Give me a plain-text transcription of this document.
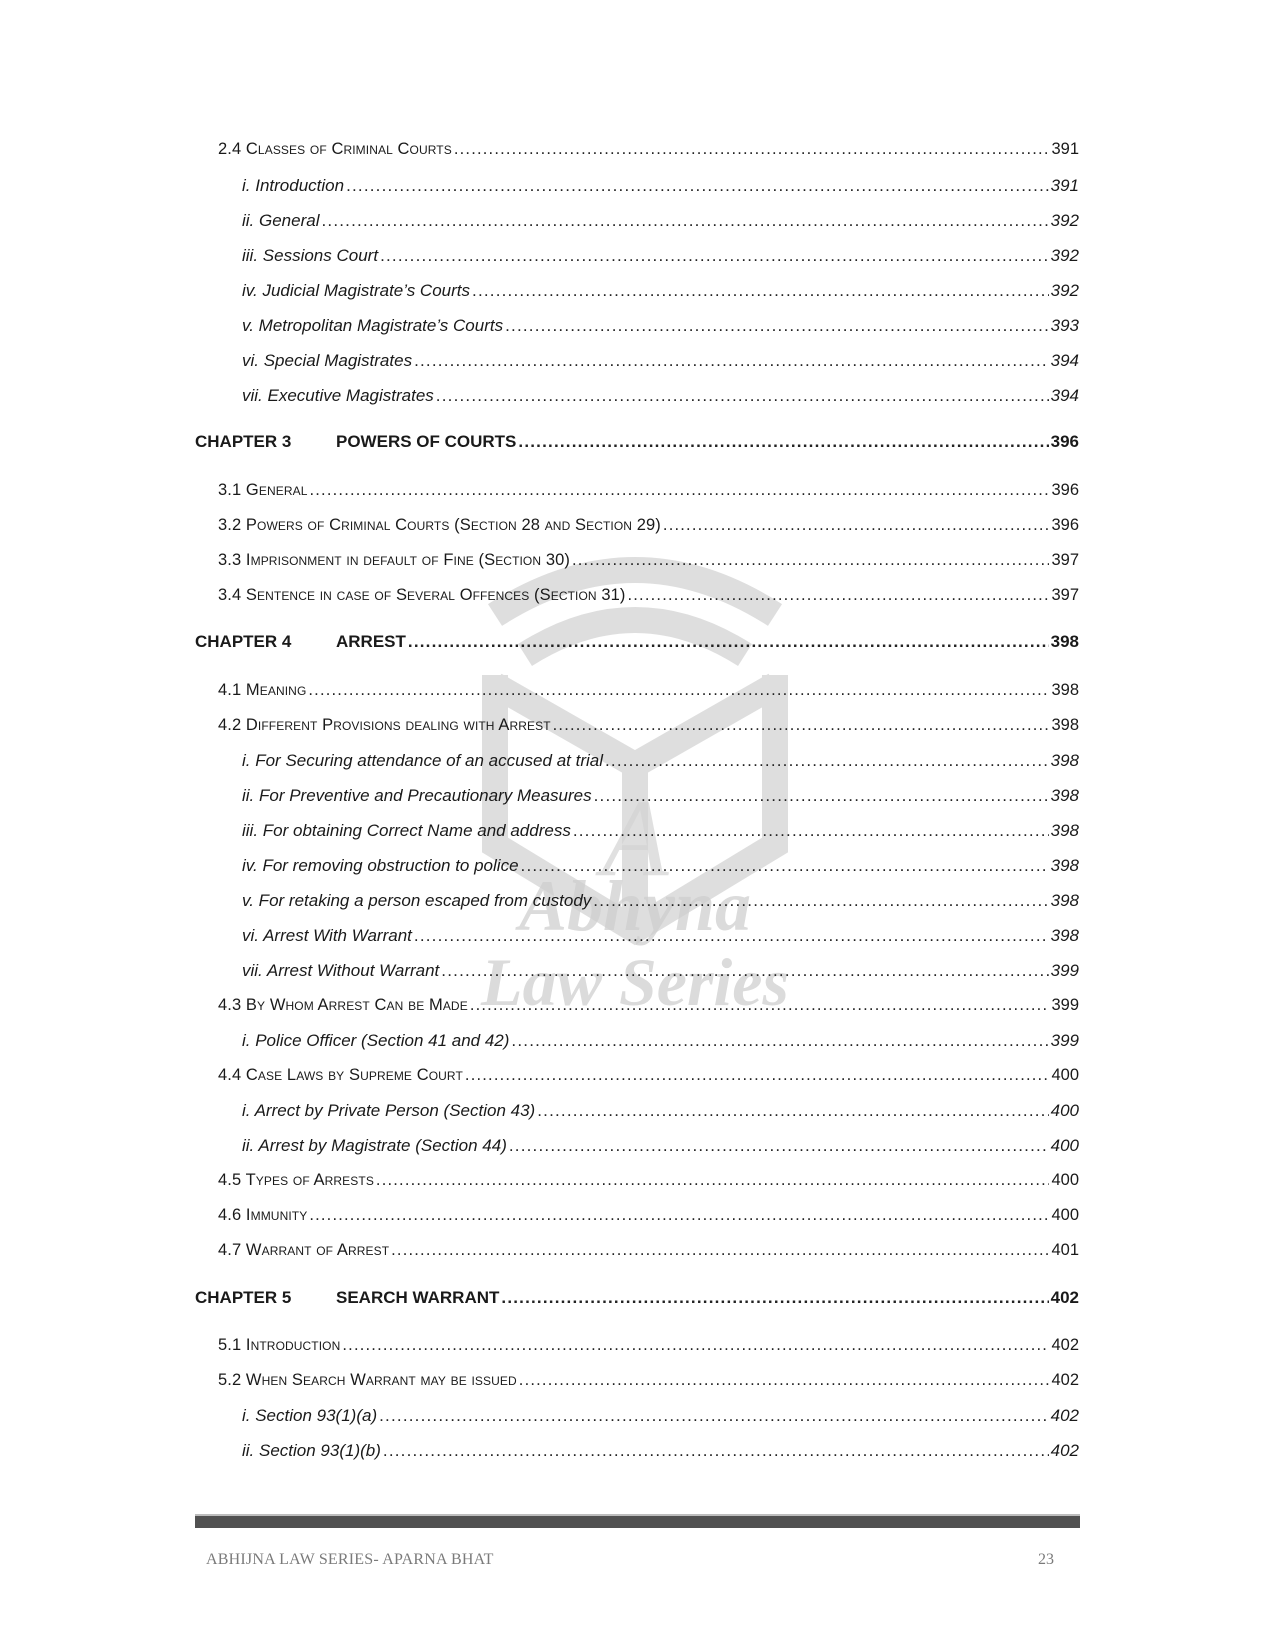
A
Abhyna
Law Series
2.4 Classes of Criminal Courts .....	391
i. Introduction .....	391
ii. General .....	392
iii. Sessions Court .....	392
iv. Judicial Magistrate’s Courts .....	392
v. Metropolitan Magistrate’s Courts .....	393
vi. Special Magistrates .....	394
vii. Executive Magistrates .....	394
CHAPTER 3	POWERS OF COURTS .....	396
3.1 General .....	396
3.2 Powers of Criminal Courts (Section 28 and Section 29) .....	396
3.3 Imprisonment in default of Fine (Section 30) .....	397
3.4 Sentence in case of Several Offences (Section 31) .....	397
CHAPTER 4	ARREST .....	398
4.1 Meaning .....	398
4.2 Different Provisions dealing with Arrest .....	398
i. For Securing attendance of an accused at trial .....	398
ii. For Preventive and Precautionary Measures .....	398
iii. For obtaining Correct Name and address .....	398
iv. For removing obstruction to police .....	398
v. For retaking a person escaped from custody .....	398
vi. Arrest With Warrant .....	398
vii. Arrest Without Warrant .....	399
4.3 By Whom Arrest Can be Made .....	399
i. Police Officer (Section 41 and 42) .....	399
4.4 Case Laws by Supreme Court .....	400
i. Arrect by Private Person (Section 43) .....	400
ii. Arrest by Magistrate (Section 44) .....	400
4.5 Types of Arrests .....	400
4.6 Immunity .....	400
4.7 Warrant of Arrest .....	401
CHAPTER 5	SEARCH WARRANT .....	402
5.1 Introduction .....	402
5.2 When Search Warrant may be issued .....	402
i. Section 93(1)(a) .....	402
ii. Section 93(1)(b) .....	402
ABHIJNA LAW SERIES- APARNA BHAT	23
